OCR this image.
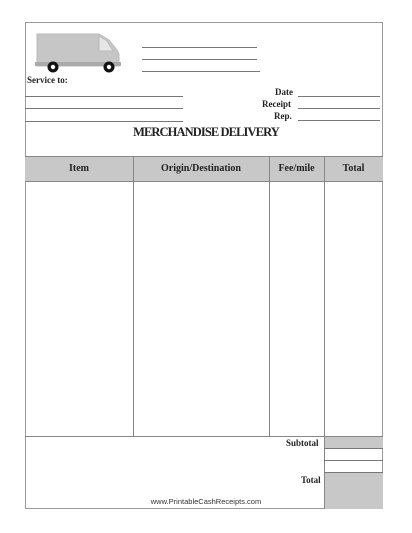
Service to:
Date
Receipt
Rep.
MERCHANDISE DELIVERY
Item	Origin/Destination	Fee/mile	Total
Subtotal
Total
www.PrintableCashReceipts.com
